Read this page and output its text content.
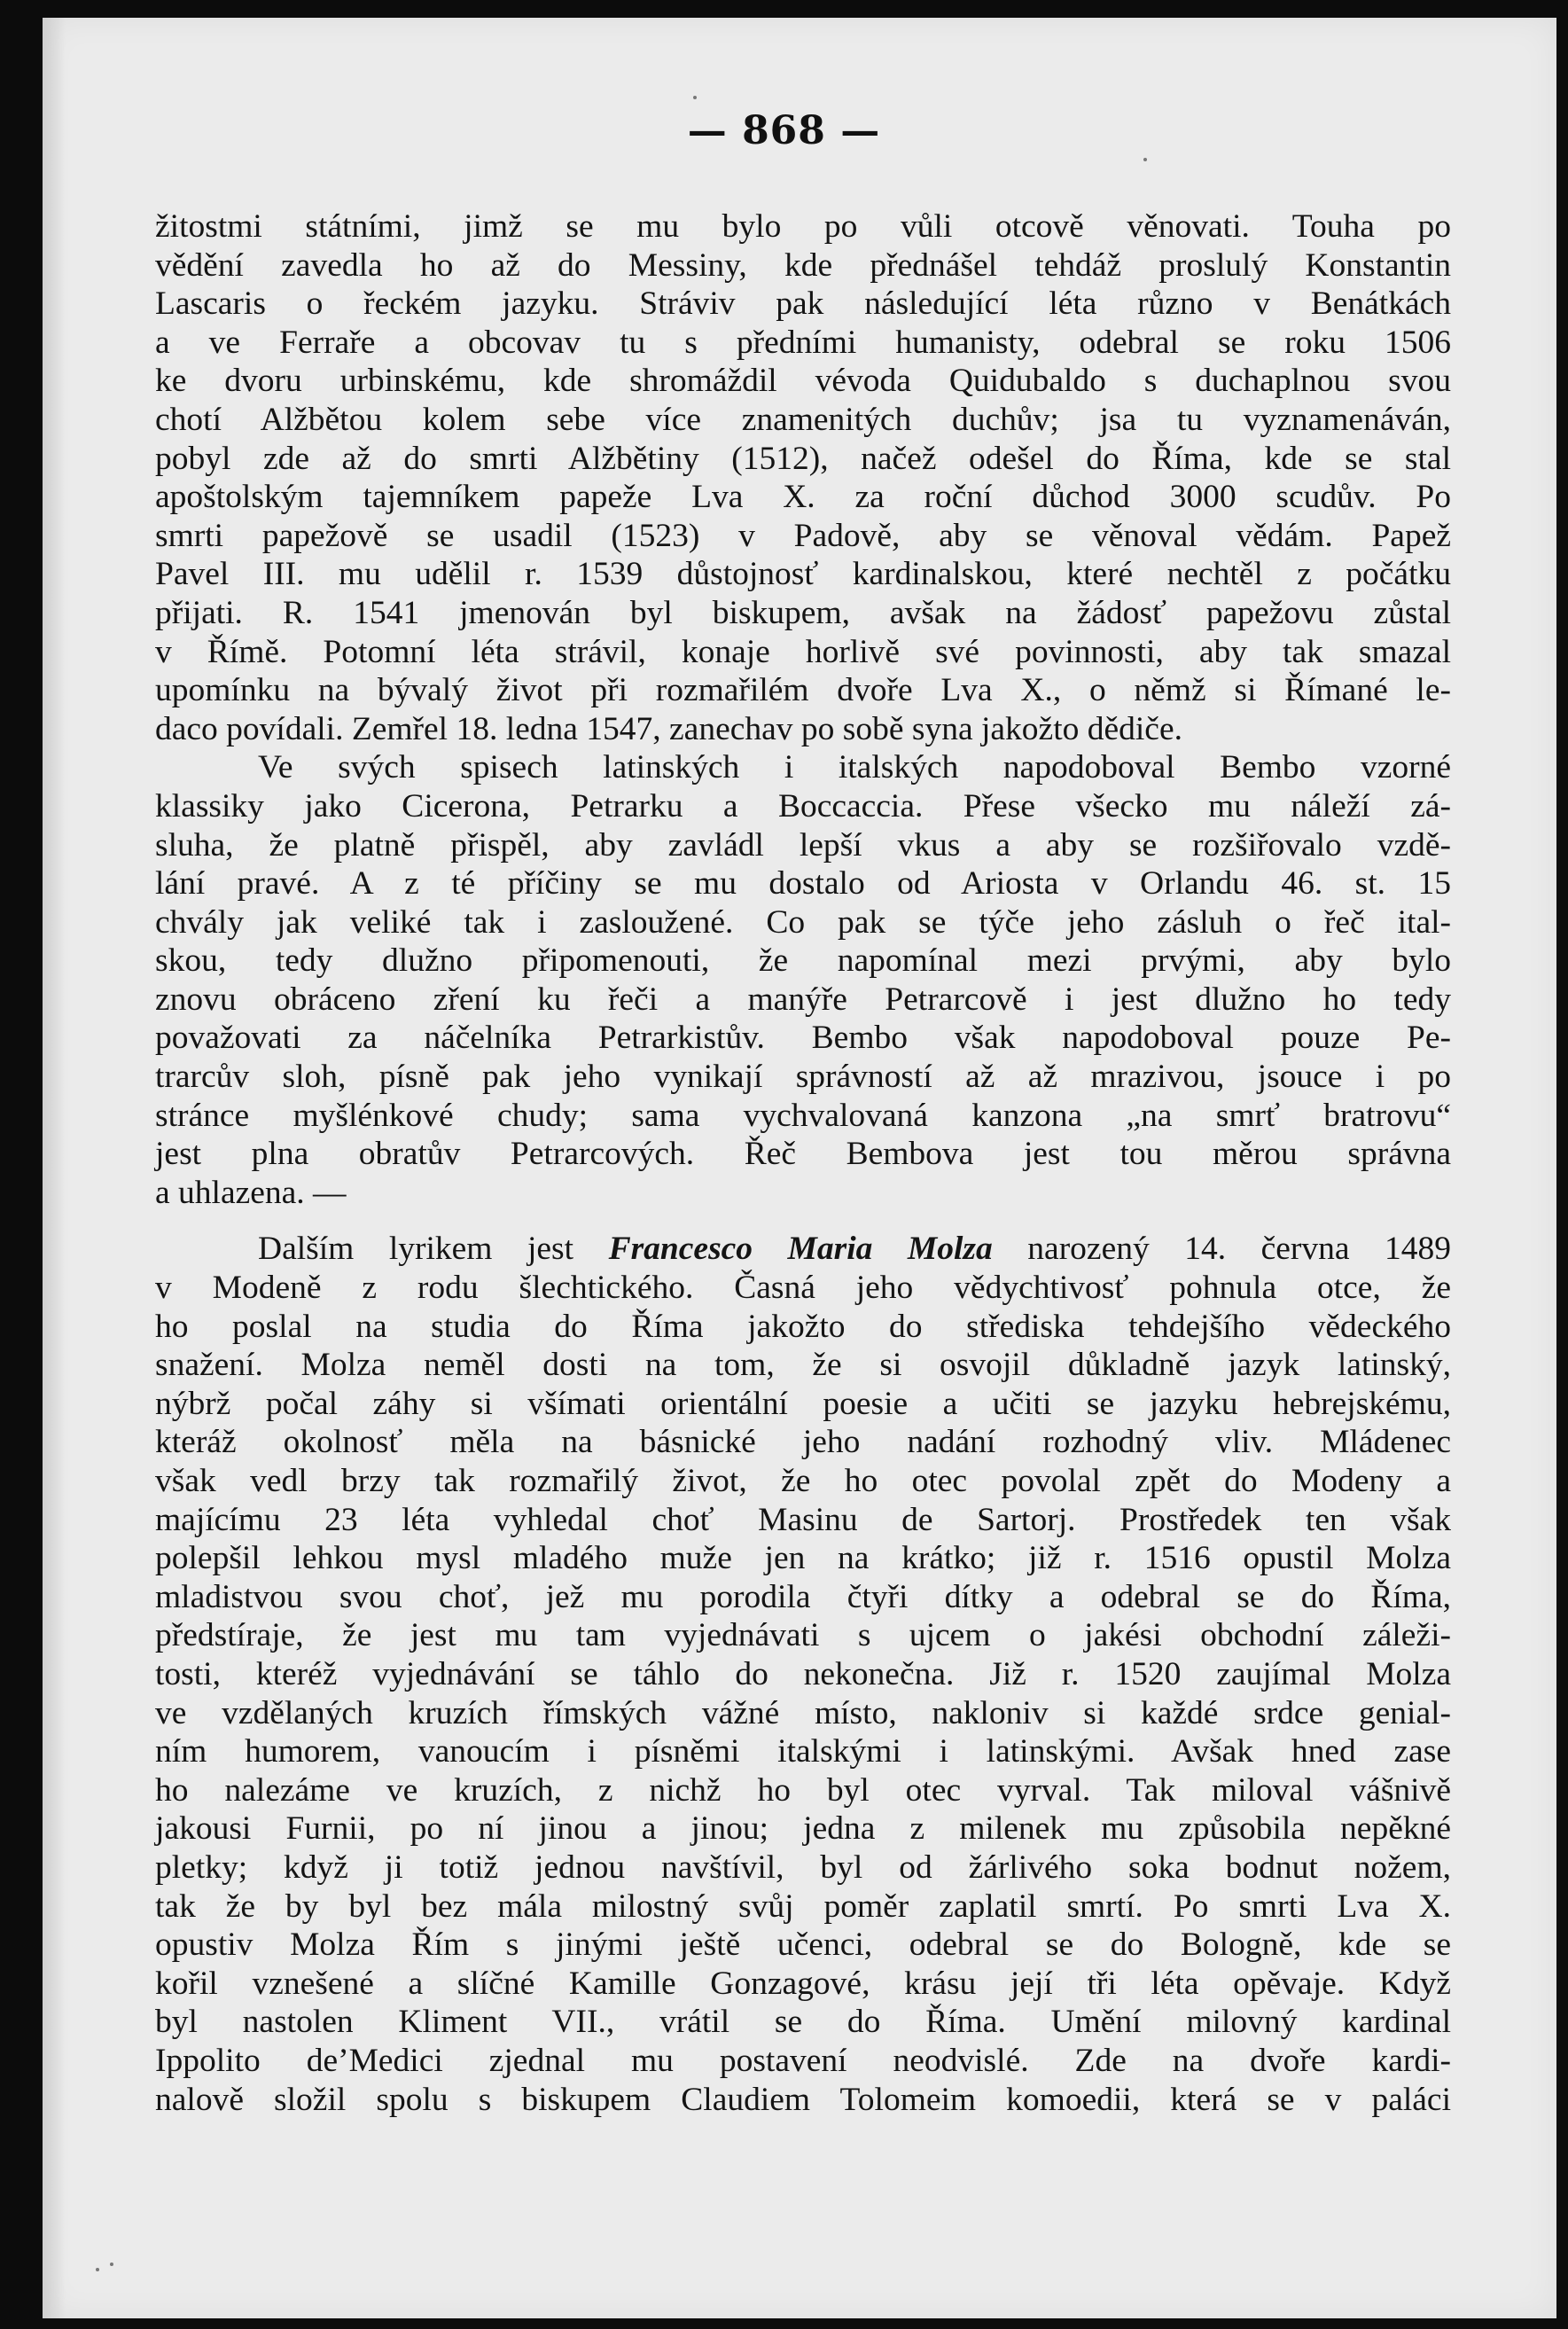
— 868 —
žitostmi státními, jimž se mu bylo po vůli otcově věnovati. Touha po
vědění zavedla ho až do Messiny, kde přednášel tehdáž proslulý Konstantin
Lascaris o řeckém jazyku. Stráviv pak následující léta různo v Benátkách
a ve Ferraře a obcovav tu s předními humanisty, odebral se roku 1506
ke dvoru urbinskému, kde shromáždil vévoda Quidubaldo s duchaplnou svou
chotí Alžbětou kolem sebe více znamenitých duchův; jsa tu vyznamenáván,
pobyl zde až do smrti Alžbětiny (1512), načež odešel do Říma, kde se stal
apoštolským tajemníkem papeže Lva X. za roční důchod 3000 scudův. Po
smrti papežově se usadil (1523) v Padově, aby se věnoval vědám. Papež
Pavel III. mu udělil r. 1539 důstojnosť kardinalskou, které nechtěl z počátku
přijati. R. 1541 jmenován byl biskupem, avšak na žádosť papežovu zůstal
v Římě. Potomní léta strávil, konaje horlivě své povinnosti, aby tak smazal
upomínku na bývalý život při rozmařilém dvoře Lva X., o němž si Římané le-
daco povídali. Zemřel 18. ledna 1547, zanechav po sobě syna jakožto dědiče.
Ve svých spisech latinských i italských napodoboval Bembo vzorné
klassiky jako Cicerona, Petrarku a Boccaccia. Přese všecko mu náleží zá-
sluha, že platně přispěl, aby zavládl lepší vkus a aby se rozšiřovalo vzdě-
lání pravé. A z té příčiny se mu dostalo od Ariosta v Orlandu 46. st. 15
chvály jak veliké tak i zasloužené. Co pak se týče jeho zásluh o řeč ital-
skou, tedy dlužno připomenouti, že napomínal mezi prvými, aby bylo
znovu obráceno zření ku řeči a manýře Petrarcově i jest dlužno ho tedy
považovati za náčelníka Petrarkistův. Bembo však napodoboval pouze Pe-
trarcův sloh, písně pak jeho vynikají správností až až mrazivou, jsouce i po
stránce myšlénkové chudy; sama vychvalovaná kanzona „na smrť bratrovu“
jest plna obratův Petrarcových. Řeč Bembova jest tou měrou správna
a uhlazena. —
Dalším lyrikem jest Francesco Maria Molza narozený 14. června 1489
v Modeně z rodu šlechtického. Časná jeho vědychtivosť pohnula otce, že
ho poslal na studia do Říma jakožto do střediska tehdejšího vědeckého
snažení. Molza neměl dosti na tom, že si osvojil důkladně jazyk latinský,
nýbrž počal záhy si všímati orientální poesie a učiti se jazyku hebrejskému,
kteráž okolnosť měla na básnické jeho nadání rozhodný vliv. Mládenec
však vedl brzy tak rozmařilý život, že ho otec povolal zpět do Modeny a
majícímu 23 léta vyhledal choť Masinu de Sartorj. Prostředek ten však
polepšil lehkou mysl mladého muže jen na krátko; již r. 1516 opustil Molza
mladistvou svou choť, jež mu porodila čtyři dítky a odebral se do Říma,
předstíraje, že jest mu tam vyjednávati s ujcem o jakési obchodní záleži-
tosti, kteréž vyjednávání se táhlo do nekonečna. Již r. 1520 zaujímal Molza
ve vzdělaných kruzích římských vážné místo, nakloniv si každé srdce genial-
ním humorem, vanoucím i písněmi italskými i latinskými. Avšak hned zase
ho nalezáme ve kruzích, z nichž ho byl otec vyrval. Tak miloval vášnivě
jakousi Furnii, po ní jinou a jinou; jedna z milenek mu způsobila nepěkné
pletky; když ji totiž jednou navštívil, byl od žárlivého soka bodnut nožem,
tak že by byl bez mála milostný svůj poměr zaplatil smrtí. Po smrti Lva X.
opustiv Molza Řím s jinými ještě učenci, odebral se do Bologně, kde se
kořil vznešené a slíčné Kamille Gonzagové, krásu její tři léta opěvaje. Když
byl nastolen Kliment VII., vrátil se do Říma. Umění milovný kardinal
Ippolito de’Medici zjednal mu postavení neodvislé. Zde na dvoře kardi-
nalově složil spolu s biskupem Claudiem Tolomeim komoedii, která se v paláci
